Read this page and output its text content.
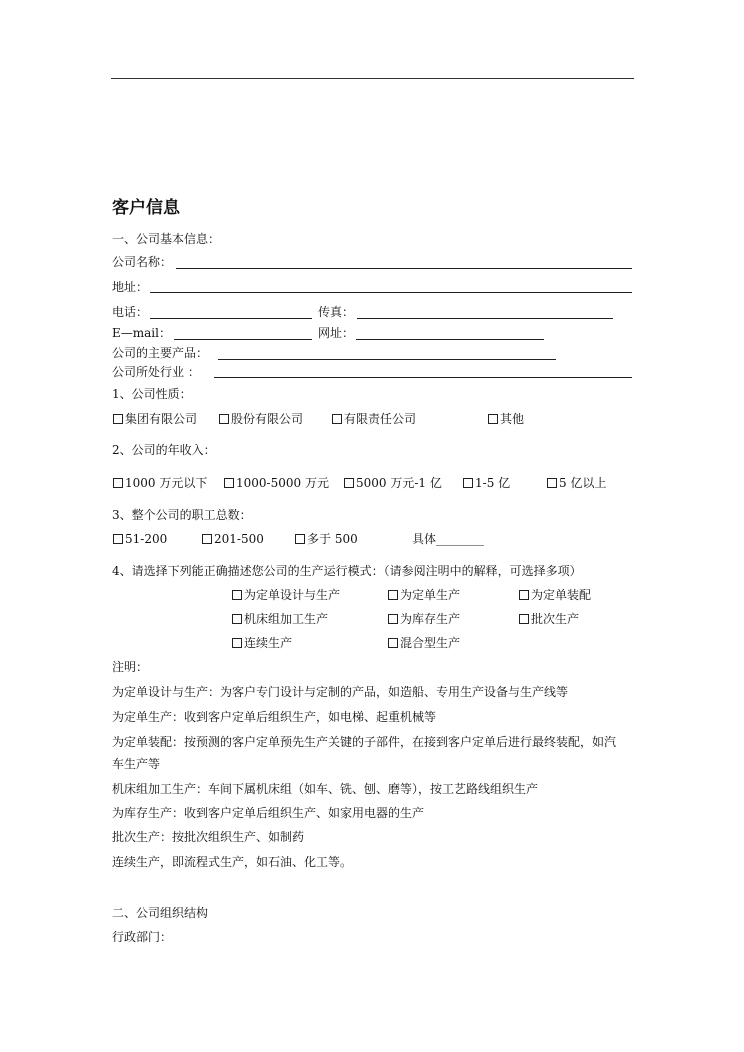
客户信息
一、公司基本信息：
公司名称：
地址：
电话：	传真：
E—mail：	网址：
公司的主要产品：
公司所处行业 ：
1、公司性质：
集团有限公司	股份有限公司	有限责任公司	其他
2、公司的年收入：
1000 万元以下	1000-5000 万元	5000 万元-1 亿	1-5 亿	5 亿以上
3、整个公司的职工总数：
51-200	201-500	多于 500	具体________
4、请选择下列能正确描述您公司的生产运行模式：（请参阅注明中的解释，可选择多项）
为定单设计与生产	为定单生产	为定单装配
机床组加工生产	为库存生产	批次生产
连续生产	混合型生产
注明：
为定单设计与生产：为客户专门设计与定制的产品，如造船、专用生产设备与生产线等
为定单生产：收到客户定单后组织生产，如电梯、起重机械等
为定单装配：按预测的客户定单预先生产关键的子部件，在接到客户定单后进行最终装配，如汽
车生产等
机床组加工生产：车间下属机床组（如车、铣、刨、磨等），按工艺路线组织生产
为库存生产：收到客户定单后组织生产、如家用电器的生产
批次生产：按批次组织生产、如制药
连续生产，即流程式生产，如石油、化工等。
二、公司组织结构
行政部门：
